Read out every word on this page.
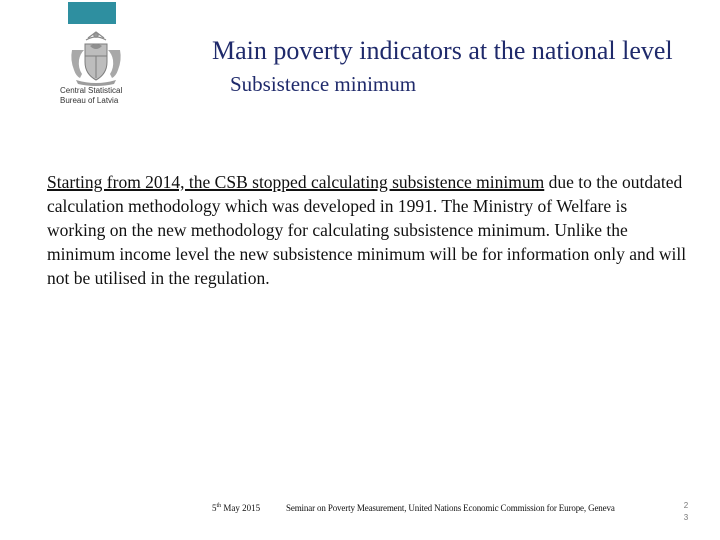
Central Statistical
Bureau of Latvia
Main poverty indicators at the national level
Subsistence minimum
Starting from 2014, the CSB stopped calculating subsistence minimum due to the outdated calculation methodology which was developed in 1991. The Ministry of Welfare is working on the new methodology for calculating subsistence minimum. Unlike the minimum income level the new subsistence minimum will be for information only and will not be utilised in the regulation.
5th May 2015	Seminar on Poverty Measurement, United Nations Economic Commission for Europe, Geneva	2
3
